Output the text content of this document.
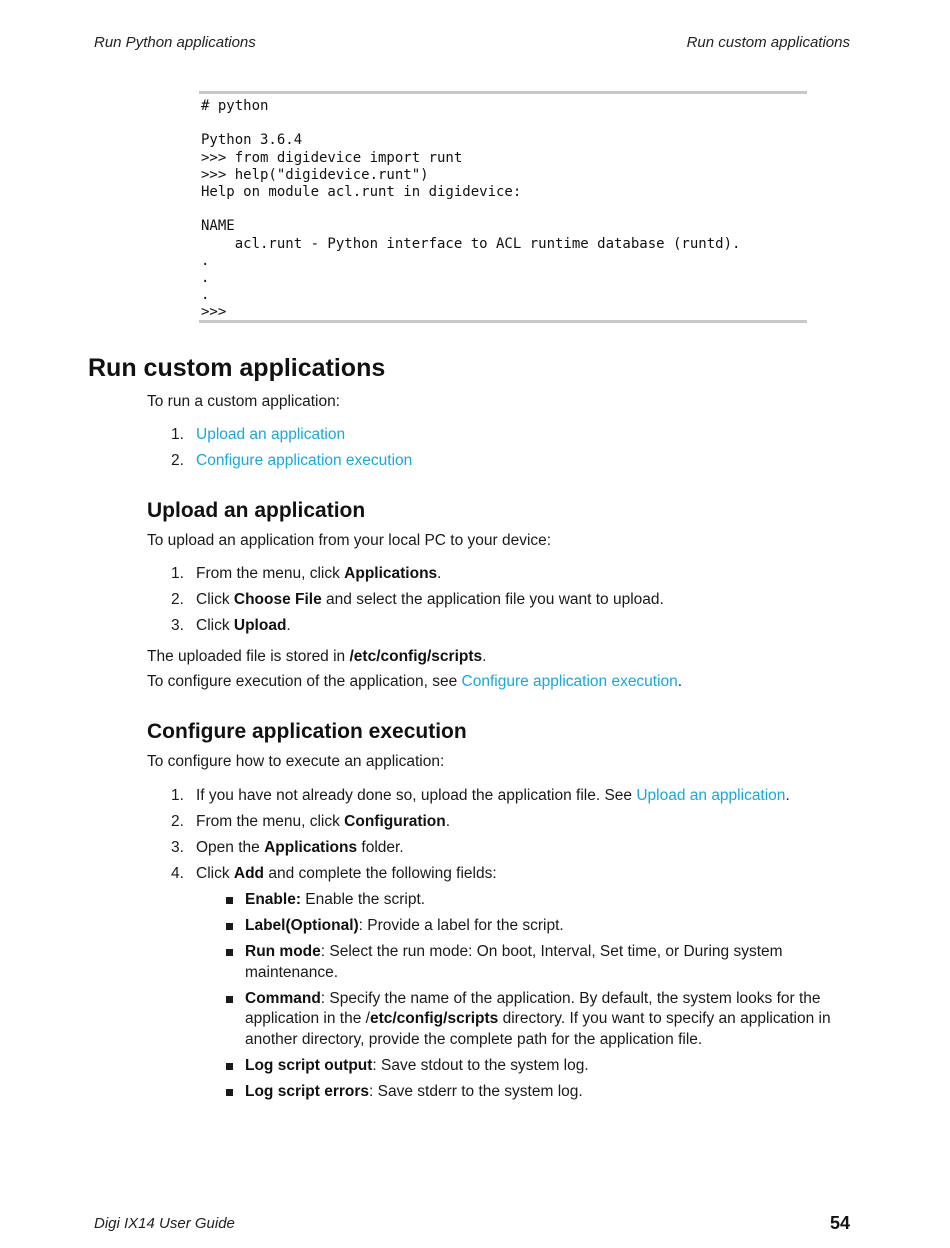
Run Python applications	Run custom applications
# python

Python 3.6.4
>>> from digidevice import runt
>>> help("digidevice.runt")
Help on module acl.runt in digidevice:

NAME
acl.runt - Python interface to ACL runtime database (runtd).
.
.
.
>>>
Run custom applications
To run a custom application:
1. Upload an application
2. Configure application execution
Upload an application
To upload an application from your local PC to your device:
1. From the menu, click Applications.
2. Click Choose File and select the application file you want to upload.
3. Click Upload.
The uploaded file is stored in /etc/config/scripts.
To configure execution of the application, see Configure application execution.
Configure application execution
To configure how to execute an application:
1. If you have not already done so, upload the application file. See Upload an application.
2. From the menu, click Configuration.
3. Open the Applications folder.
4. Click Add and complete the following fields:
Enable: Enable the script.
Label(Optional): Provide a label for the script.
Run mode: Select the run mode: On boot, Interval, Set time, or During system maintenance.
Command: Specify the name of the application. By default, the system looks for the application in the /etc/config/scripts directory. If you want to specify an application in another directory, provide the complete path for the application file.
Log script output: Save stdout to the system log.
Log script errors: Save stderr to the system log.
Digi IX14 User Guide	54
